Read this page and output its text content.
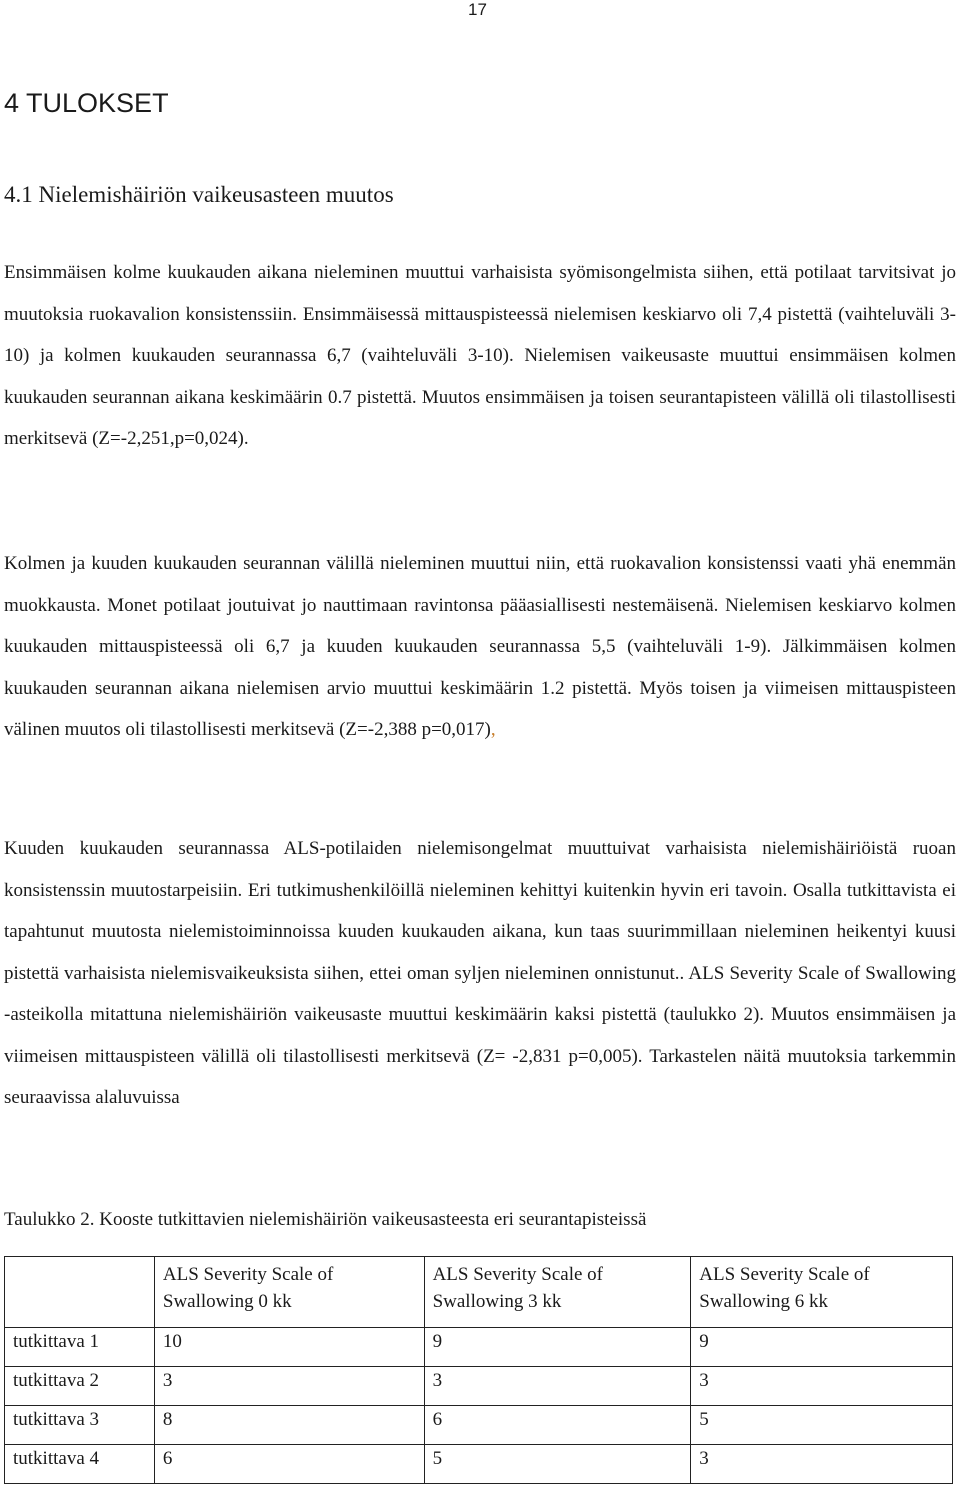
17
4 TULOKSET
4.1 Nielemishäiriön vaikeusasteen muutos

Ensimmäisen kolme kuukauden aikana nieleminen muuttui varhaisista syömisongelmista siihen, että potilaat tarvitsivat jo muutoksia ruokavalion konsistenssiin. Ensimmäisessä mittauspisteessä nielemisen keskiarvo oli 7,4 pistettä (vaihteluväli 3-10) ja kolmen kuukauden seurannassa 6,7 (vaihteluväli 3-10). Nielemisen vaikeusaste muuttui ensimmäisen kolmen kuukauden seurannan aikana keskimäärin 0.7 pistettä. Muutos ensimmäisen ja toisen seurantapisteen välillä oli tilastollisesti merkitsevä (Z=-2,251,p=0,024).

Kolmen ja kuuden kuukauden seurannan välillä nieleminen muuttui niin, että ruokavalion konsistenssi vaati yhä enemmän muokkausta. Monet potilaat joutuivat jo nauttimaan ravintonsa pääasiallisesti nestemäisenä. Nielemisen keskiarvo kolmen kuukauden mittauspisteessä oli 6,7 ja kuuden kuukauden seurannassa 5,5 (vaihteluväli 1-9). Jälkimmäisen kolmen kuukauden seurannan aikana nielemisen arvio muuttui keskimäärin 1.2 pistettä. Myös toisen ja viimeisen mittauspisteen välinen muutos oli tilastollisesti merkitsevä (Z=-2,388 p=0,017),

Kuuden kuukauden seurannassa ALS-potilaiden nielemisongelmat muuttuivat varhaisista nielemishäiriöistä ruoan konsistenssin muutostarpeisiin. Eri tutkimushenkilöillä nieleminen kehittyi kuitenkin hyvin eri tavoin. Osalla tutkittavista ei tapahtunut muutosta nielemistoiminnoissa kuuden kuukauden aikana, kun taas suurimmillaan nieleminen heikentyi kuusi pistettä varhaisista nielemisvaikeuksista siihen, ettei oman syljen nieleminen onnistunut.. ALS Severity Scale of Swallowing -asteikolla mitattuna nielemishäiriön vaikeusaste muuttui keskimäärin kaksi pistettä (taulukko 2). Muutos ensimmäisen ja viimeisen mittauspisteen välillä oli tilastollisesti merkitsevä (Z= -2,831 p=0,005). Tarkastelen näitä muutoksia tarkemmin seuraavissa alaluvuissa

Taulukko 2. Kooste tutkittavien nielemishäiriön vaikeusasteesta eri seurantapisteissä

	ALS Severity Scale of Swallowing 0 kk	ALS Severity Scale of Swallowing 3 kk	ALS Severity Scale of Swallowing 6 kk
tutkittava 1	10	9	9
tutkittava 2	3	3	3
tutkittava 3	8	6	5
tutkittava 4	6	5	3
